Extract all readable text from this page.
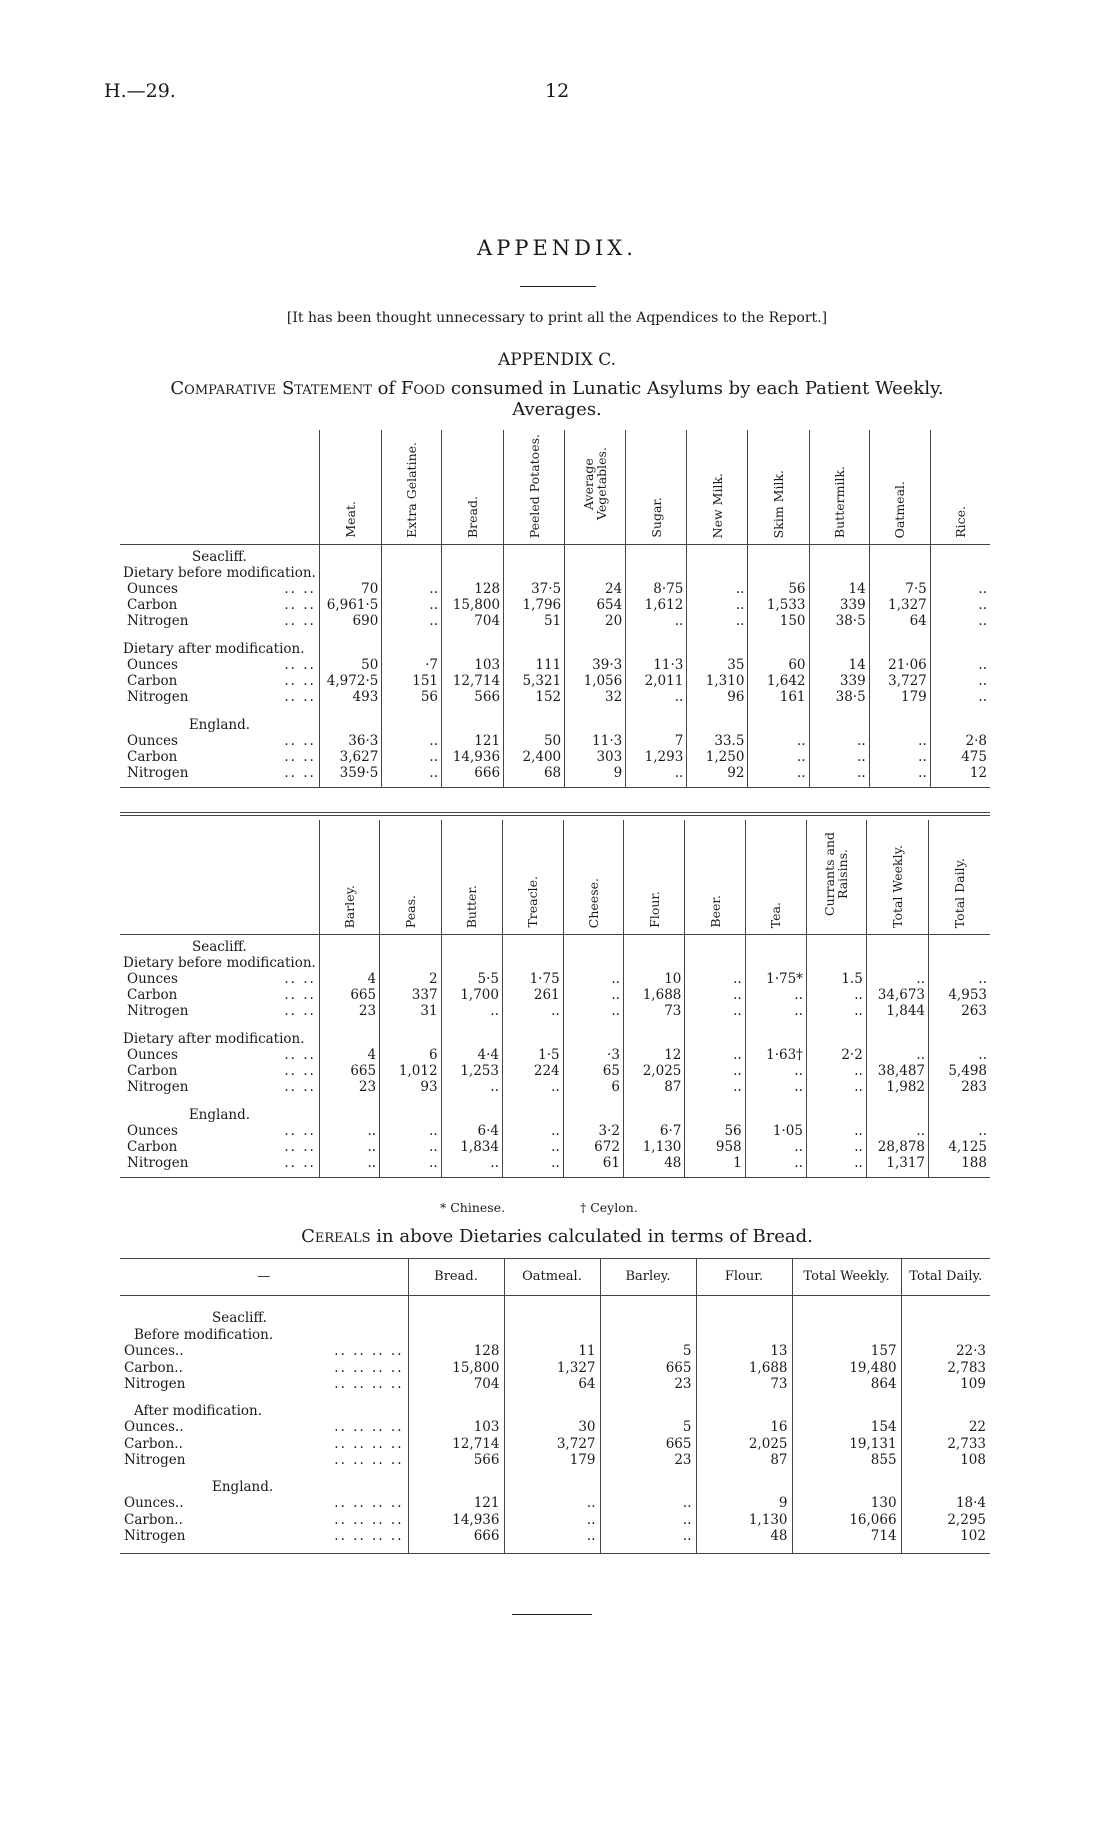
H.—29.	12
APPENDIX.
[It has been thought unnecessary to print all the Aqpendices to the Report.]
APPENDIX C.
Comparative Statement of Food consumed in Lunatic Asylums by each Patient Weekly.
Averages.

	Meat.	Extra Gelatine.	Bread.	Peeled Potatoes.	Average Vegetables.	Sugar.	New Milk.	Skim Milk.	Buttermilk.	Oatmeal.	Rice.

Seacliff.											
Dietary before modification.											
Ounces .. ..	70	..	128	37·5	24	8·75	..	56	14	7·5	..
Carbon .. ..	6,961·5	..	15,800	1,796	654	1,612	..	1,533	339	1,327	..
Nitrogen .. ..	690	..	704	51	20	..	..	150	38·5	64	..

Dietary after modification.											
Ounces .. ..	50	·7	103	111	39·3	11·3	35	60	14	21·06	..
Carbon .. ..	4,972·5	151	12,714	5,321	1,056	2,011	1,310	1,642	339	3,727	..
Nitrogen .. ..	493	56	566	152	32	..	96	161	38·5	179	..

England.											
Ounces .. ..	36·3	..	121	50	11·3	7	33.5	..	..	..	2·8
Carbon .. ..	3,627	..	14,936	2,400	303	1,293	1,250	..	..	..	475
Nitrogen .. ..	359·5	..	666	68	9	..	92	..	..	..	12

	Barley.	Peas.	Butter.	Treacle.	Cheese.	Flour.	Beer.	Tea.	Currants and Raisins.	Total Weekly.	Total Daily.

Seacliff.											
Dietary before modification.											
Ounces .. ..	4	2	5·5	1·75	..	10	..	1·75*	1.5	..	..
Carbon .. ..	665	337	1,700	261	..	1,688	..	..	..	34,673	4,953
Nitrogen .. ..	23	31	..	..	..	73	..	..	..	1,844	263

Dietary after modification.											
Ounces .. ..	4	6	4·4	1·5	·3	12	..	1·63†	2·2	..	..
Carbon .. ..	665	1,012	1,253	224	65	2,025	..	..	..	38,487	5,498
Nitrogen .. ..	23	93	..	..	6	87	..	..	..	1,982	283

England.											
Ounces .. ..	..	..	6·4	..	3·2	6·7	56	1·05	..	..	..
Carbon .. ..	..	..	1,834	..	672	1,130	958	..	..	28,878	4,125
Nitrogen .. ..	..	..	..	..	61	48	1	..	..	1,317	188

* Chinese.	† Ceylon.
Cereals in above Dietaries calculated in terms of Bread.
—	Bread.	Oatmeal.	Barley.	Flour.	Total Weekly.	Total Daily.

Seacliff.						
Before modification.						
Ounces.. .. .. .. ..	128	11	5	13	157	22·3
Carbon.. .. .. .. ..	15,800	1,327	665	1,688	19,480	2,783
Nitrogen .. .. .. ..	704	64	23	73	864	109

After modification.						
Ounces.. .. .. .. ..	103	30	5	16	154	22
Carbon.. .. .. .. ..	12,714	3,727	665	2,025	19,131	2,733
Nitrogen .. .. .. ..	566	179	23	87	855	108

England.						
Ounces.. .. .. .. ..	121	..	..	9	130	18·4
Carbon.. .. .. .. ..	14,936	..	..	1,130	16,066	2,295
Nitrogen .. .. .. ..	666	..	..	48	714	102
